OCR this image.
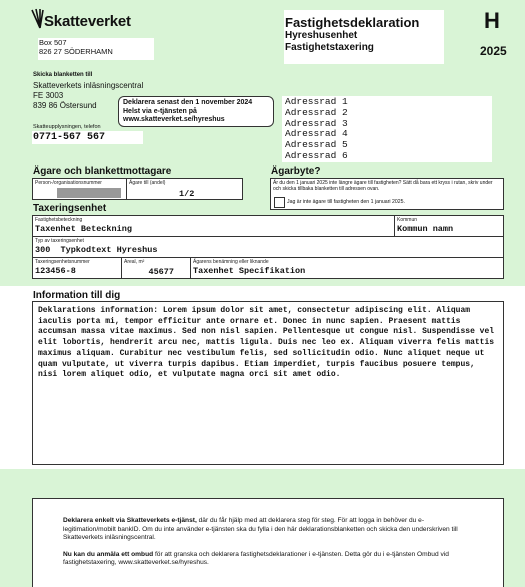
Skatteverket
Box 507
826 27 SÖDERHAMN
Fastighetsdeklaration
Hyreshusenhet
Fastighetstaxering
H
2025
Skicka blanketten till
Skatteverkets inläsningscentral
FE 3003
839 86 Östersund
Skatteupplysningen, telefon
0771-567 567
Deklarera senast den 1 november 2024
Helst via e-tjänsten på
www.skatteverket.se/hyreshus
Adressrad 1
Adressrad 2
Adressrad 3
Adressrad 4
Adressrad 5
Adressrad 6
Ägare och blankettmottagare
Person-/organisationsnummer	Ägare till (andel)
1/2
Ägarbyte?
Är du den 1 januari 2025 inte längre ägare till fastigheten? Sätt då bara ett kryss i rutan, skriv under och skicka tillbaka blanketten till adressen ovan.
Jag är inte ägare till fastigheten den 1 januari 2025.
Taxeringsenhet
Fastighetsbeteckning
Taxenhet Beteckning
Kommun
Kommun namn
Typ av taxeringsenhet
300  Typkodtext Hyreshus
Taxeringsenhetsnummer
123456-8
Areal, m²
45677
Ägarens benämning eller liknande
Taxenhet Specifikation
Information till dig
Deklarations information: Lorem ipsum dolor sit amet, consectetur adipiscing elit. Aliquam iaculis porta mi, tempor efficitur ante ornare et. Donec in nunc sapien. Praesent mattis accumsan massa vitae maximus. Sed non nisl sapien. Pellentesque ut congue nisl. Suspendisse vel elit lobortis, hendrerit arcu nec, mattis ligula. Duis nec leo ex. Aliquam viverra felis mattis maximus aliquam. Curabitur nec vestibulum felis, sed sollicitudin odio. Nunc aliquet neque ut quam vulputate, ut viverra turpis dapibus. Etiam imperdiet, turpis faucibus posuere tempus, nisi lorem aliquet odio, et vulputate magna orci sit amet odio.

Deklarera enkelt via Skatteverkets e-tjänst, där du får hjälp med att deklarera steg för steg. För att logga in behöver du e-legitimation/mobilt bankID. Om du inte använder e-tjänsten ska du fylla i den här deklarationsblanketten och skicka den underskriven till Skatteverkets inläsningscentral.

Nu kan du anmäla ett ombud för att granska och deklarera fastighetsdeklarationer i e-tjänsten. Detta gör du i e-tjänsten Ombud vid fastighetstaxering, www.skatteverket.se/hyreshus.
